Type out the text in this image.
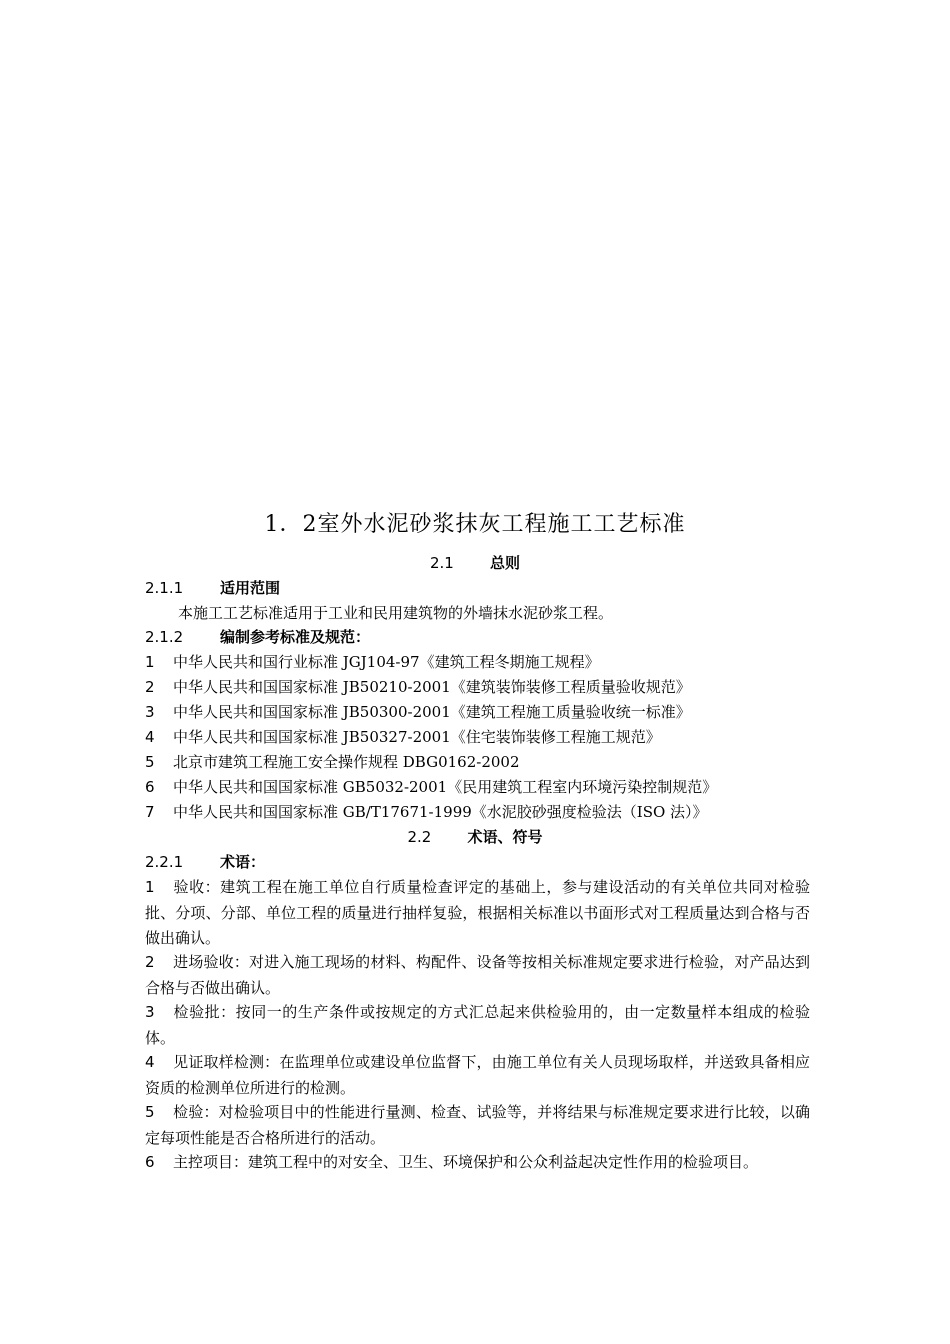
1．2室外水泥砂浆抹灰工程施工工艺标准
2.1 总则
2.1.1 适用范围
本施工工艺标准适用于工业和民用建筑物的外墙抹水泥砂浆工程。
2.1.2 编制参考标准及规范：
1 中华人民共和国行业标准 JGJ104-97《建筑工程冬期施工规程》
2 中华人民共和国国家标准 JB50210-2001《建筑装饰装修工程质量验收规范》
3 中华人民共和国国家标准 JB50300-2001《建筑工程施工质量验收统一标准》
4 中华人民共和国国家标准 JB50327-2001《住宅装饰装修工程施工规范》
5 北京市建筑工程施工安全操作规程 DBG0162-2002
6 中华人民共和国国家标准 GB5032-2001《民用建筑工程室内环境污染控制规范》
7 中华人民共和国国家标准 GB/T17671-1999《水泥胶砂强度检验法（ISO 法）》
2.2 术语、符号
2.2.1 术语：
1 验收：建筑工程在施工单位自行质量检查评定的基础上，参与建设活动的有关单位共同对检验批、分项、分部、单位工程的质量进行抽样复验，根据相关标准以书面形式对工程质量达到合格与否做出确认。
2 进场验收：对进入施工现场的材料、构配件、设备等按相关标准规定要求进行检验，对产品达到合格与否做出确认。
3 检验批：按同一的生产条件或按规定的方式汇总起来供检验用的，由一定数量样本组成的检验体。
4 见证取样检测：在监理单位或建设单位监督下，由施工单位有关人员现场取样，并送致具备相应资质的检测单位所进行的检测。
5 检验：对检验项目中的性能进行量测、检查、试验等，并将结果与标准规定要求进行比较，以确定每项性能是否合格所进行的活动。
6 主控项目：建筑工程中的对安全、卫生、环境保护和公众利益起决定性作用的检验项目。
